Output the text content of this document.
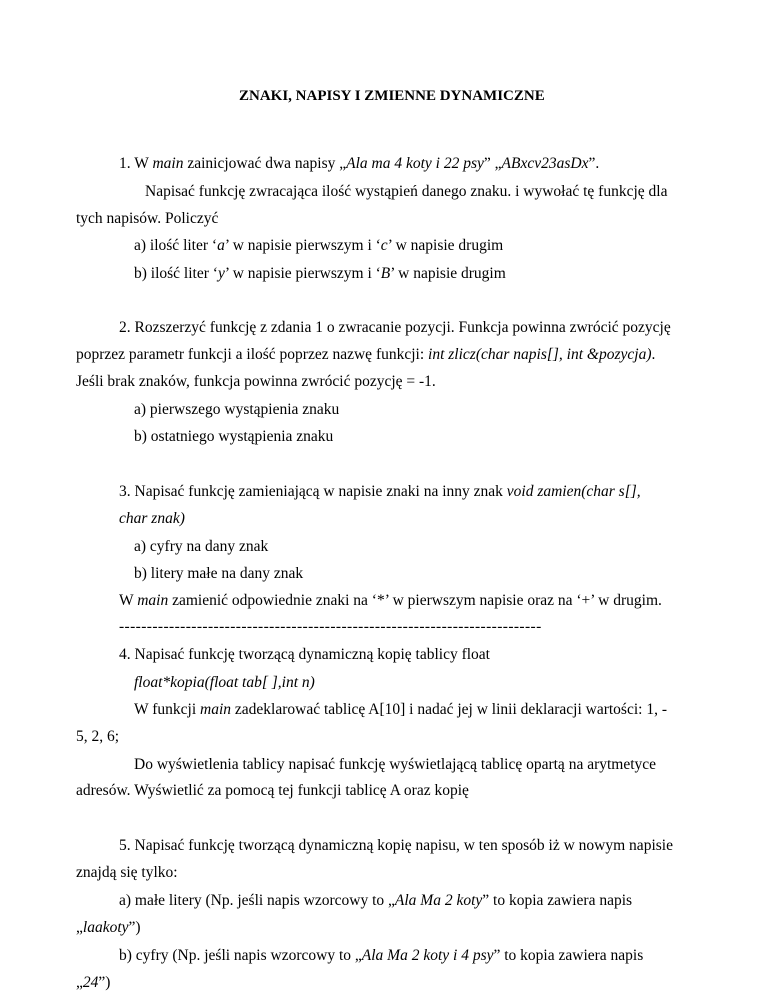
ZNAKI, NAPISY I ZMIENNE DYNAMICZNE
1. W main zainicjować dwa napisy „Ala ma 4 koty i 22 psy” „ABxcv23asDx”.
Napisać funkcję zwracająca ilość wystąpień danego znaku. i wywołać tę funkcję dla
tych napisów. Policzyć
a) ilość liter ‘a’ w napisie pierwszym i ‘c’ w napisie drugim
b) ilość liter ‘y’ w napisie pierwszym i ‘B’ w napisie drugim
2. Rozszerzyć funkcję z zdania 1 o zwracanie pozycji. Funkcja powinna zwrócić pozycję
poprzez parametr funkcji a ilość poprzez nazwę funkcji: int zlicz(char napis[], int &pozycja).
Jeśli brak znaków, funkcja powinna zwrócić pozycję = -1.
a) pierwszego wystąpienia znaku
b) ostatniego wystąpienia znaku
3. Napisać funkcję zamieniającą w napisie znaki na inny znak void zamien(char s[],
char znak)
a) cyfry na dany znak
b) litery małe na dany znak
W main zamienić odpowiednie znaki na ‘*’ w pierwszym napisie oraz na ‘+’ w drugim.
----------------------------------------------------------------------------
4. Napisać funkcję tworzącą dynamiczną kopię tablicy float
float*kopia(float tab[ ],int n)
W funkcji main zadeklarować tablicę A[10] i nadać jej w linii deklaracji wartości: 1, -
5, 2, 6;
Do wyświetlenia tablicy napisać funkcję wyświetlającą tablicę opartą na arytmetyce
adresów. Wyświetlić za pomocą tej funkcji tablicę A oraz kopię
5. Napisać funkcję tworzącą dynamiczną kopię napisu, w ten sposób iż w nowym napisie
znajdą się tylko:
a) małe litery (Np. jeśli napis wzorcowy to „Ala Ma 2 koty” to kopia zawiera napis
„laakoty”)
b) cyfry (Np. jeśli napis wzorcowy to „Ala Ma 2 koty i 4 psy” to kopia zawiera napis
„24”)
